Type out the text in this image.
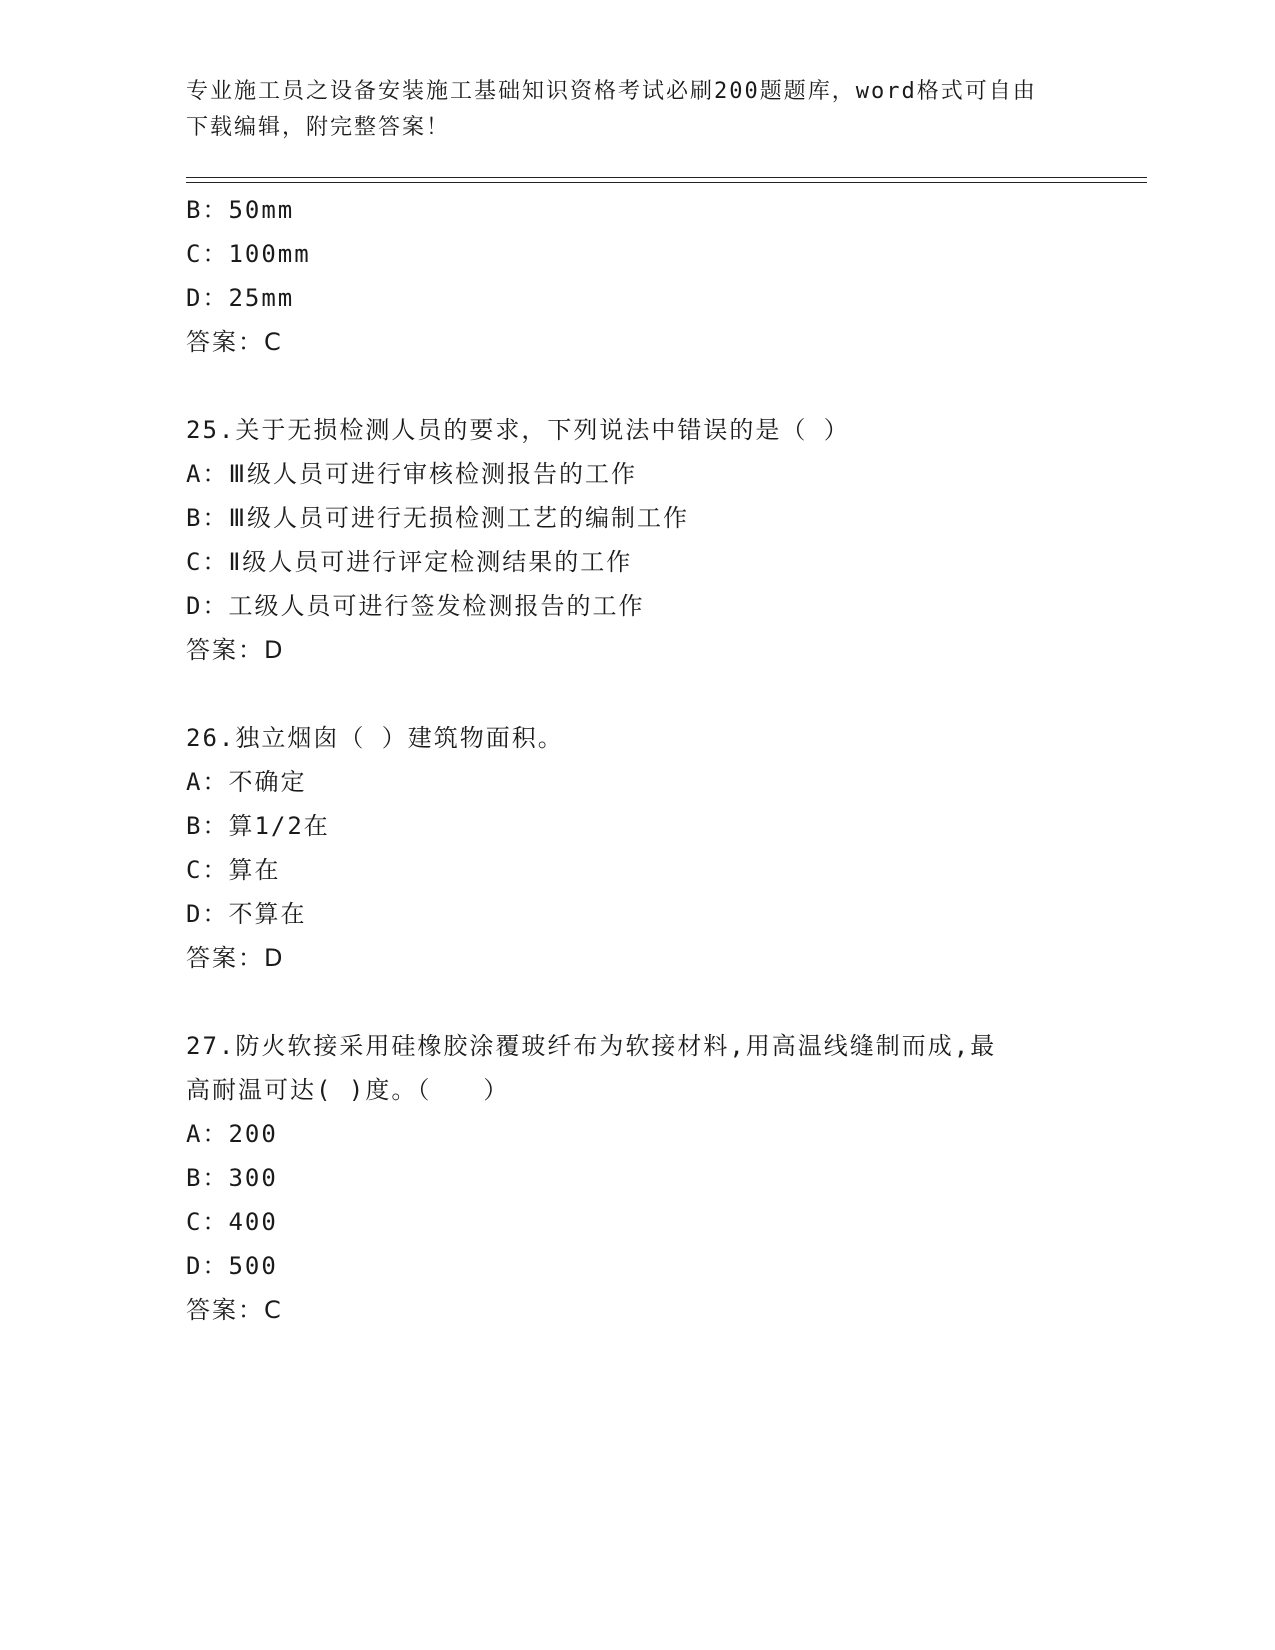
专业施工员之设备安装施工基础知识资格考试必刷200题题库，word格式可自由
下载编辑，附完整答案！
B：50mm
C：100mm
D：25mm
答案：C
25.关于无损检测人员的要求，下列说法中错误的是（ ）
A：Ⅲ级人员可进行审核检测报告的工作
B：Ⅲ级人员可进行无损检测工艺的编制工作
C：Ⅱ级人员可进行评定检测结果的工作
D：工级人员可进行签发检测报告的工作
答案：D
26.独立烟囱（ ）建筑物面积。
A：不确定
B：算1/2在
C：算在
D：不算在
答案：D
27.防火软接采用硅橡胶涂覆玻纤布为软接材料,用高温线缝制而成,最
高耐温可达( )度。（　　）
A：200
B：300
C：400
D：500
答案：C
